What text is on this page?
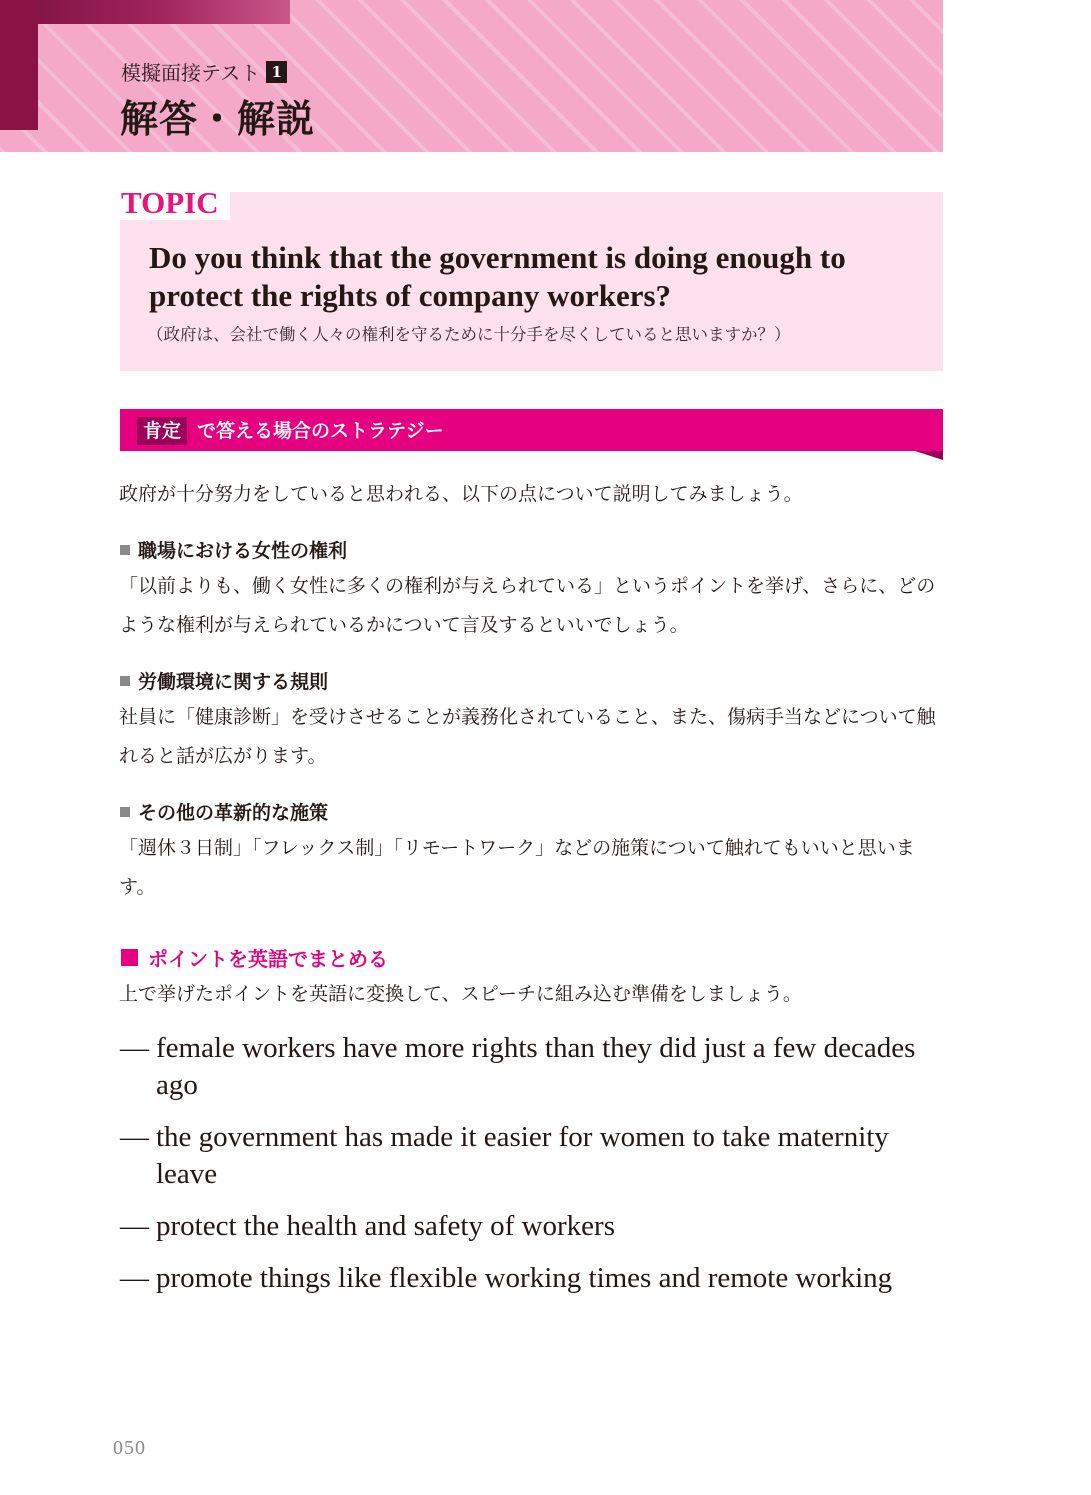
模擬面接テスト 1
解答・解説
TOPIC
Do you think that the government is doing enough to protect the rights of company workers?
（政府は、会社で働く人々の権利を守るために十分手を尽くしていると思いますか？）
肯定 で答える場合のストラテジー
政府が十分努力をしていると思われる、以下の点について説明してみましょう。
職場における女性の権利
「以前よりも、働く女性に多くの権利が与えられている」というポイントを挙げ、さらに、どのような権利が与えられているかについて言及するといいでしょう。
労働環境に関する規則
社員に「健康診断」を受けさせることが義務化されていること、また、傷病手当などについて触れると話が広がります。
その他の革新的な施策
「週休３日制」「フレックス制」「リモートワーク」などの施策について触れてもいいと思います。
ポイントを英語でまとめる
上で挙げたポイントを英語に変換して、スピーチに組み込む準備をしましょう。
— female workers have more rights than they did just a few decades ago
— the government has made it easier for women to take maternity leave
— protect the health and safety of workers
— promote things like flexible working times and remote working
050
